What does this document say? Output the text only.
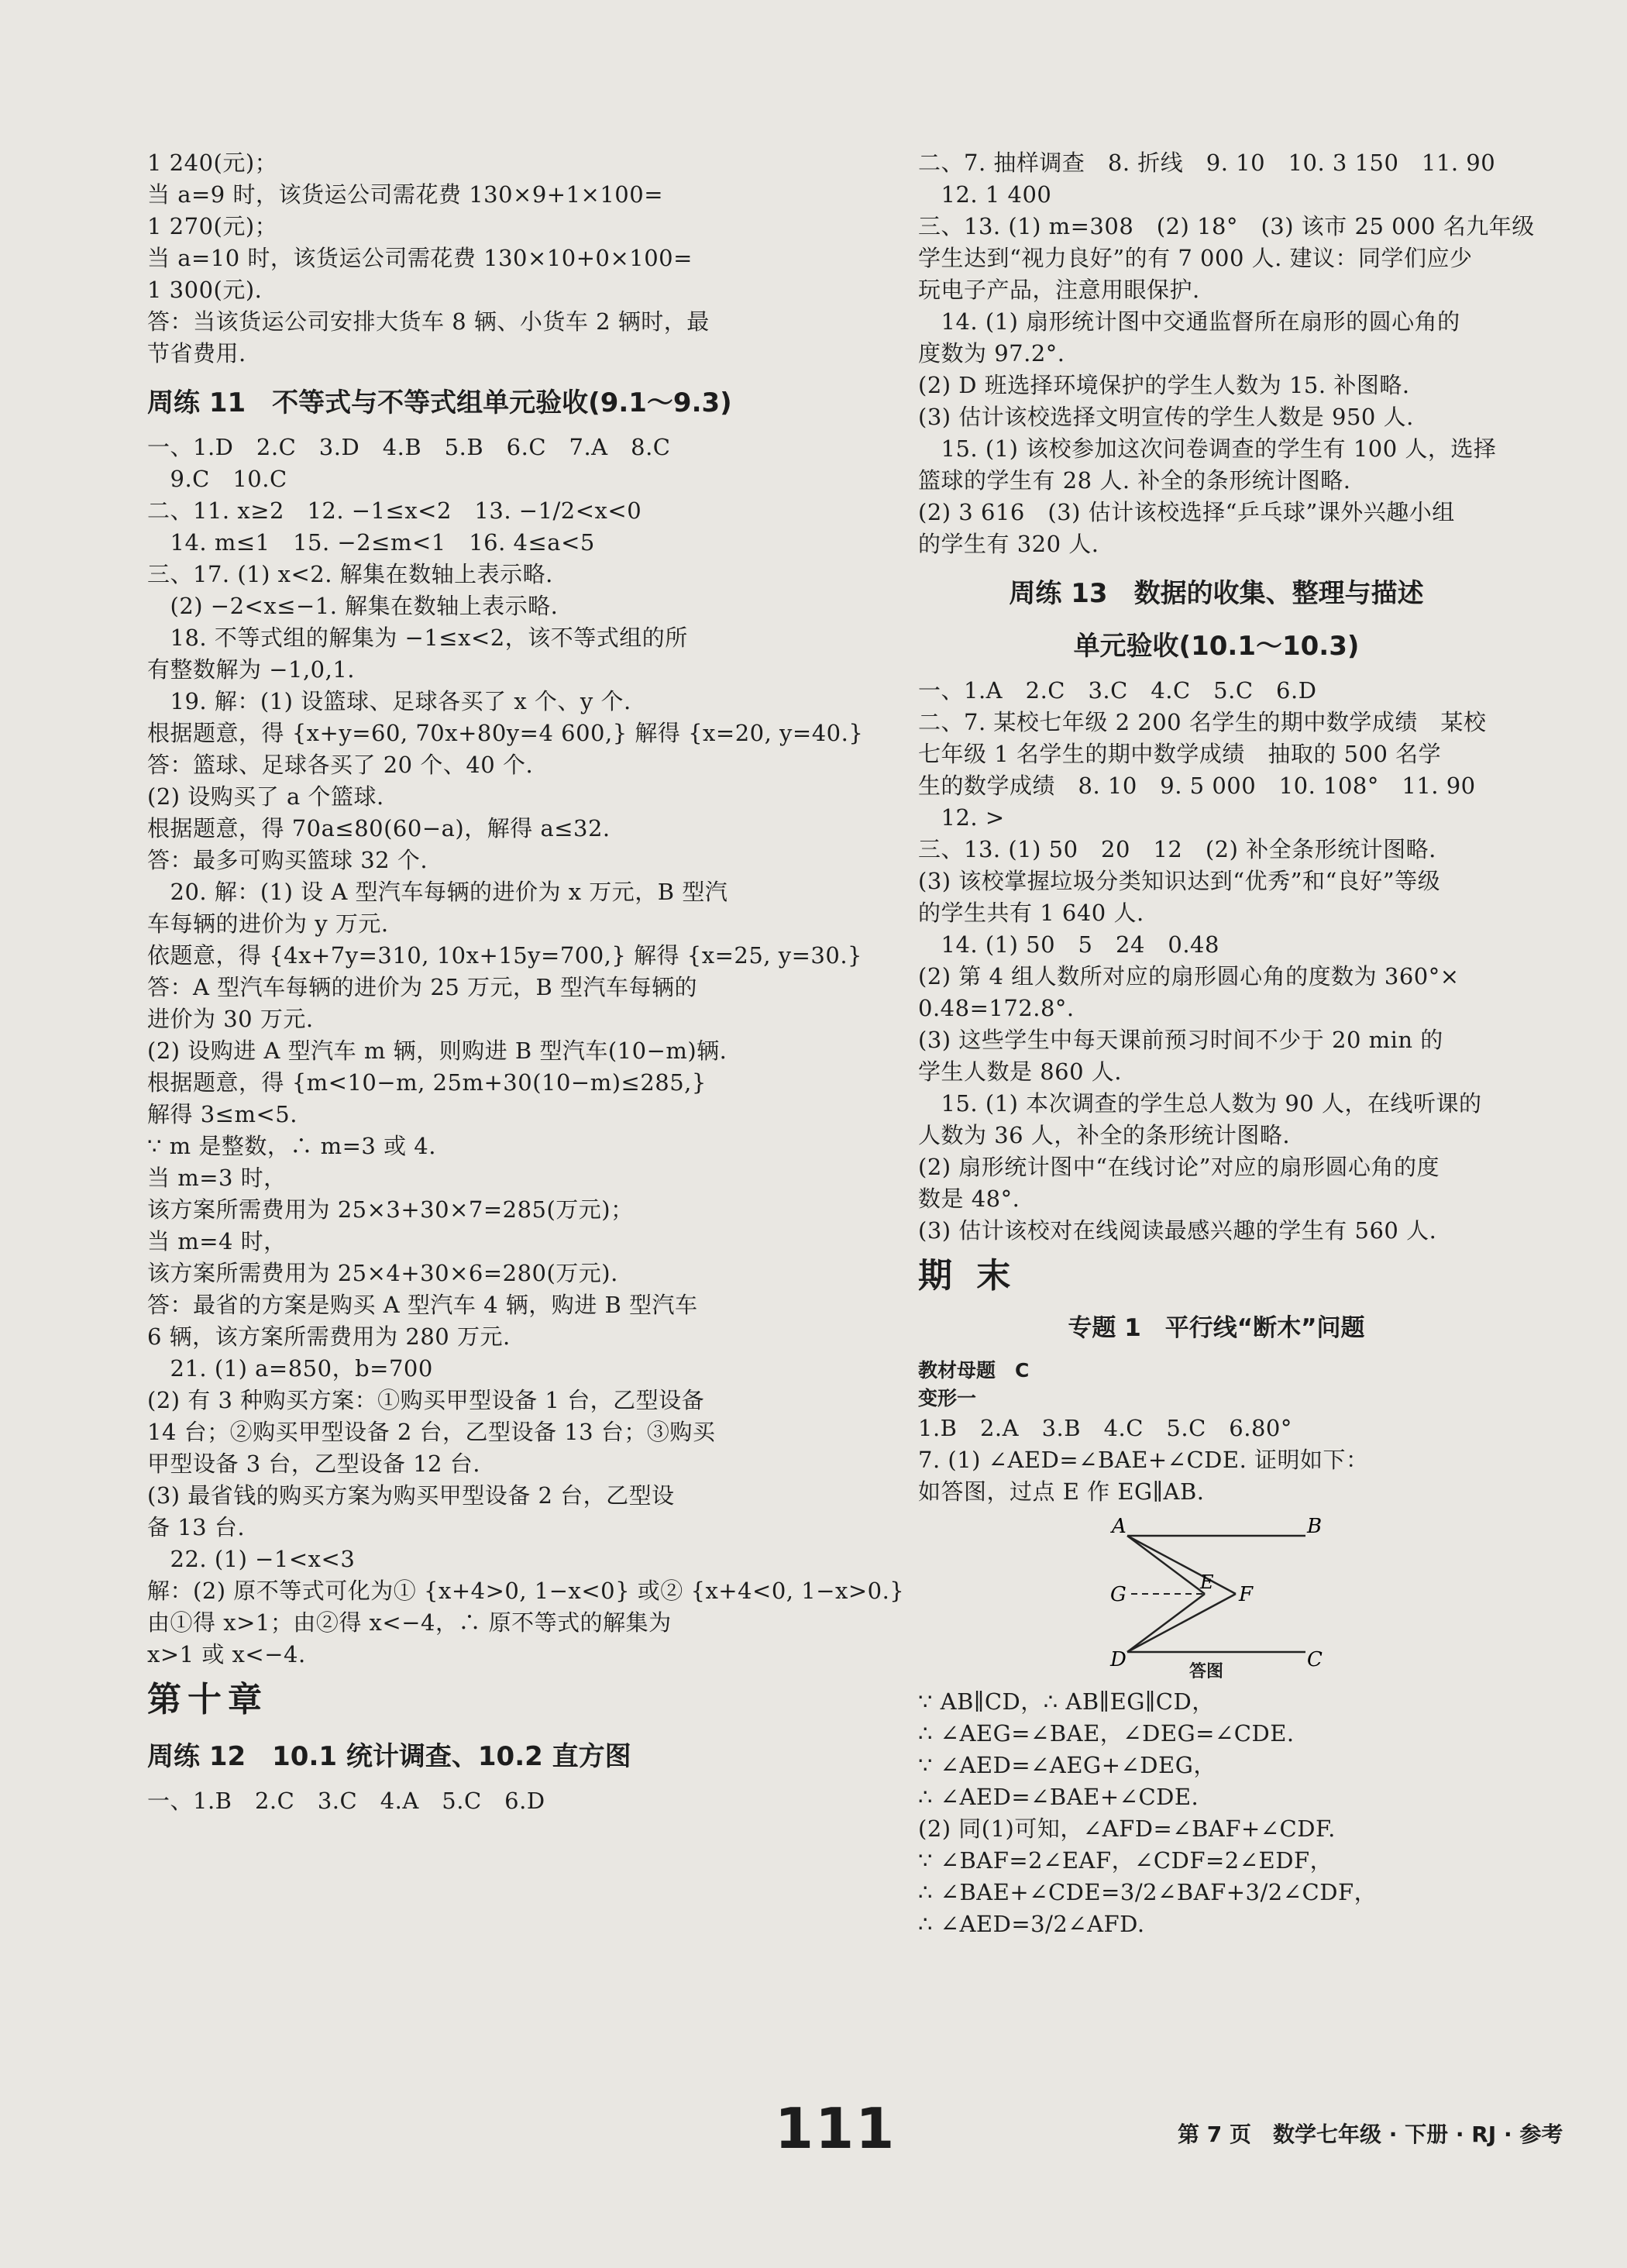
1 240(元)；
当 a=9 时，该货运公司需花费 130×9+1×100=
1 270(元)；
当 a=10 时，该货运公司需花费 130×10+0×100=
1 300(元).
答：当该货运公司安排大货车 8 辆、小货车 2 辆时，最
节省费用.
周练 11　不等式与不等式组单元验收(9.1～9.3)
一、1.D　2.C　3.D　4.B　5.B　6.C　7.A　8.C
　9.C　10.C
二、11. x≥2　12. −1≤x<2　13. −1/2<x<0
　14. m≤1　15. −2≤m<1　16. 4≤a<5
三、17. (1) x<2. 解集在数轴上表示略.
　(2) −2<x≤−1. 解集在数轴上表示略.
　18. 不等式组的解集为 −1≤x<2，该不等式组的所
有整数解为 −1,0,1.
　19. 解：(1) 设篮球、足球各买了 x 个、y 个.
根据题意，得 {x+y=60, 70x+80y=4 600,} 解得 {x=20, y=40.}
答：篮球、足球各买了 20 个、40 个.
(2) 设购买了 a 个篮球.
根据题意，得 70a≤80(60−a)，解得 a≤32.
答：最多可购买篮球 32 个.
　20. 解：(1) 设 A 型汽车每辆的进价为 x 万元，B 型汽
车每辆的进价为 y 万元.
依题意，得 {4x+7y=310, 10x+15y=700,} 解得 {x=25, y=30.}
答：A 型汽车每辆的进价为 25 万元，B 型汽车每辆的
进价为 30 万元.
(2) 设购进 A 型汽车 m 辆，则购进 B 型汽车(10−m)辆.
根据题意，得 {m<10−m, 25m+30(10−m)≤285,}
解得 3≤m<5.
∵ m 是整数，∴ m=3 或 4.
当 m=3 时，
该方案所需费用为 25×3+30×7=285(万元)；
当 m=4 时，
该方案所需费用为 25×4+30×6=280(万元).
答：最省的方案是购买 A 型汽车 4 辆，购进 B 型汽车
6 辆，该方案所需费用为 280 万元.
　21. (1) a=850，b=700
(2) 有 3 种购买方案：①购买甲型设备 1 台，乙型设备
14 台；②购买甲型设备 2 台，乙型设备 13 台；③购买
甲型设备 3 台，乙型设备 12 台.
(3) 最省钱的购买方案为购买甲型设备 2 台，乙型设
备 13 台.
　22. (1) −1<x<3
解：(2) 原不等式可化为① {x+4>0, 1−x<0} 或② {x+4<0, 1−x>0.}
由①得 x>1；由②得 x<−4，∴ 原不等式的解集为
x>1 或 x<−4.
第十章
周练 12　10.1 统计调查、10.2 直方图
一、1.B　2.C　3.C　4.A　5.C　6.D
二、7. 抽样调查　8. 折线　9. 10　10. 3 150　11. 90
　12. 1 400
三、13. (1) m=308　(2) 18°　(3) 该市 25 000 名九年级
学生达到“视力良好”的有 7 000 人. 建议：同学们应少
玩电子产品，注意用眼保护.
　14. (1) 扇形统计图中交通监督所在扇形的圆心角的
度数为 97.2°.
(2) D 班选择环境保护的学生人数为 15. 补图略.
(3) 估计该校选择文明宣传的学生人数是 950 人.
　15. (1) 该校参加这次问卷调查的学生有 100 人，选择
篮球的学生有 28 人. 补全的条形统计图略.
(2) 3 616　(3) 估计该校选择“乒乓球”课外兴趣小组
的学生有 320 人.
周练 13　数据的收集、整理与描述
单元验收(10.1～10.3)
一、1.A　2.C　3.C　4.C　5.C　6.D
二、7. 某校七年级 2 200 名学生的期中数学成绩　某校
七年级 1 名学生的期中数学成绩　抽取的 500 名学
生的数学成绩　8. 10　9. 5 000　10. 108°　11. 90
　12. >
三、13. (1) 50　20　12　(2) 补全条形统计图略.
(3) 该校掌握垃圾分类知识达到“优秀”和“良好”等级
的学生共有 1 640 人.
　14. (1) 50　5　24　0.48
(2) 第 4 组人数所对应的扇形圆心角的度数为 360°×
0.48=172.8°.
(3) 这些学生中每天课前预习时间不少于 20 min 的
学生人数是 860 人.
　15. (1) 本次调查的学生总人数为 90 人，在线听课的
人数为 36 人，补全的条形统计图略.
(2) 扇形统计图中“在线讨论”对应的扇形圆心角的度
数是 48°.
(3) 估计该校对在线阅读最感兴趣的学生有 560 人.
期 末
专题 1　平行线“断木”问题
教材母题　C
变形一
1.B　2.A　3.B　4.C　5.C　6.80°
7. (1) ∠AED=∠BAE+∠CDE. 证明如下：
如答图，过点 E 作 EG∥AB.
A	B
G
E
F
D	C
答图
∵ AB∥CD，∴ AB∥EG∥CD，
∴ ∠AEG=∠BAE，∠DEG=∠CDE.
∵ ∠AED=∠AEG+∠DEG，
∴ ∠AED=∠BAE+∠CDE.
(2) 同(1)可知，∠AFD=∠BAF+∠CDF.
∵ ∠BAF=2∠EAF，∠CDF=2∠EDF，
∴ ∠BAE+∠CDE=3/2∠BAF+3/2∠CDF，
∴ ∠AED=3/2∠AFD.
111	第 7 页　数学七年级 · 下册 · RJ · 参考
